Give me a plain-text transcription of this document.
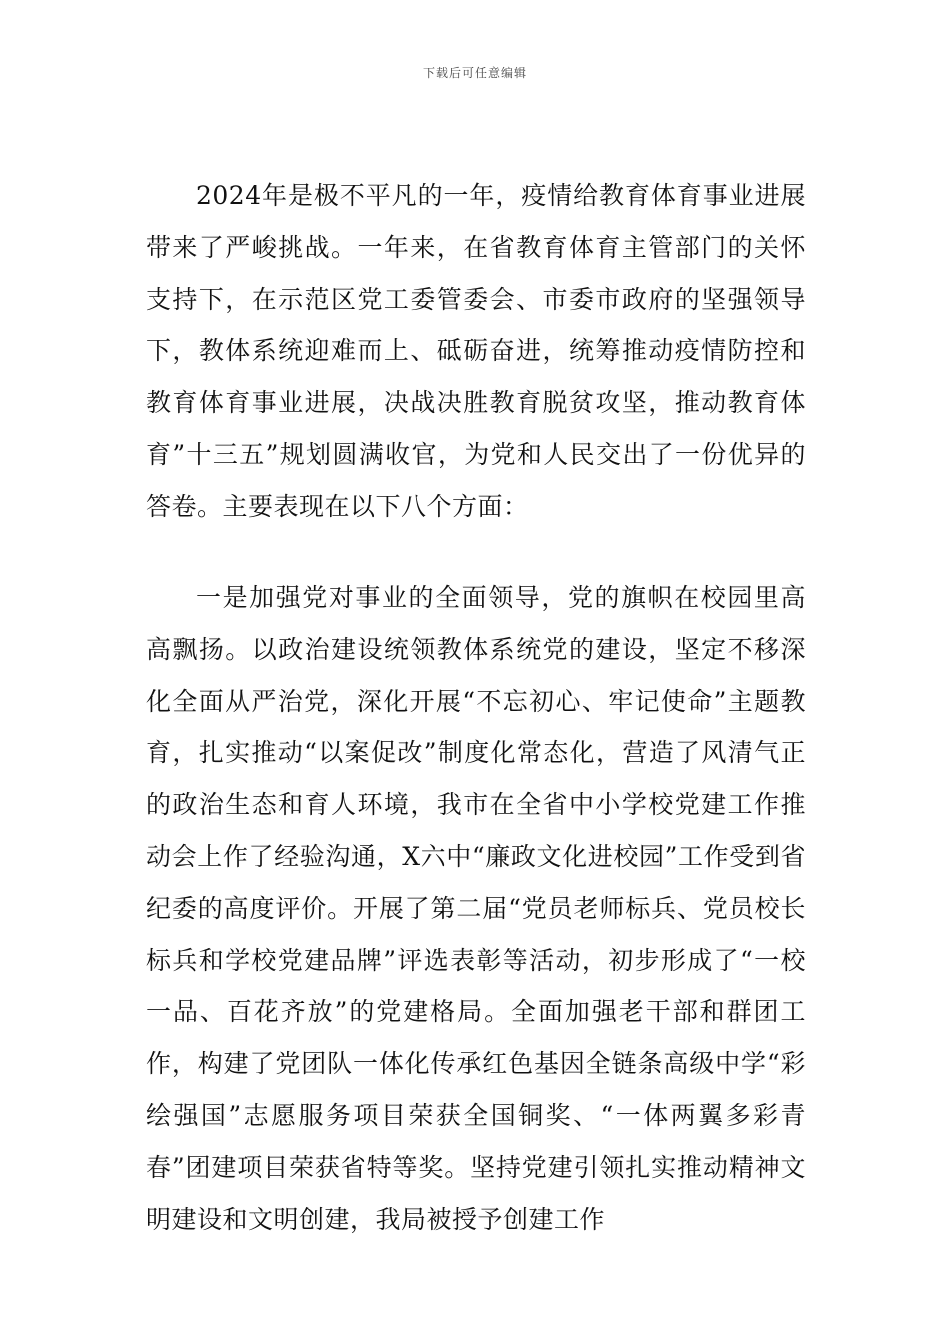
下载后可任意编辑

2024年是极不平凡的一年，疫情给教育体育事业进展带来了严峻挑战。一年来，在省教育体育主管部门的关怀支持下，在示范区党工委管委会、市委市政府的坚强领导下，教体系统迎难而上、砥砺奋进，统筹推动疫情防控和教育体育事业进展，决战决胜教育脱贫攻坚，推动教育体育”十三五”规划圆满收官，为党和人民交出了一份优异的答卷。主要表现在以下八个方面：

一是加强党对事业的全面领导，党的旗帜在校园里高高飘扬。以政治建设统领教体系统党的建设，坚定不移深化全面从严治党，深化开展“不忘初心、牢记使命”主题教育，扎实推动“以案促改”制度化常态化，营造了风清气正的政治生态和育人环境，我市在全省中小学校党建工作推动会上作了经验沟通，X六中“廉政文化进校园”工作受到省纪委的高度评价。开展了第二届“党员老师标兵、党员校长标兵和学校党建品牌”评选表彰等活动，初步形成了“一校一品、百花齐放”的党建格局。全面加强老干部和群团工作，构建了党团队一体化传承红色基因全链条高级中学“彩绘强国”志愿服务项目荣获全国铜奖、“一体两翼多彩青春”团建项目荣获省特等奖。坚持党建引领扎实推动精神文明建设和文明创建，我局被授予创建工作
